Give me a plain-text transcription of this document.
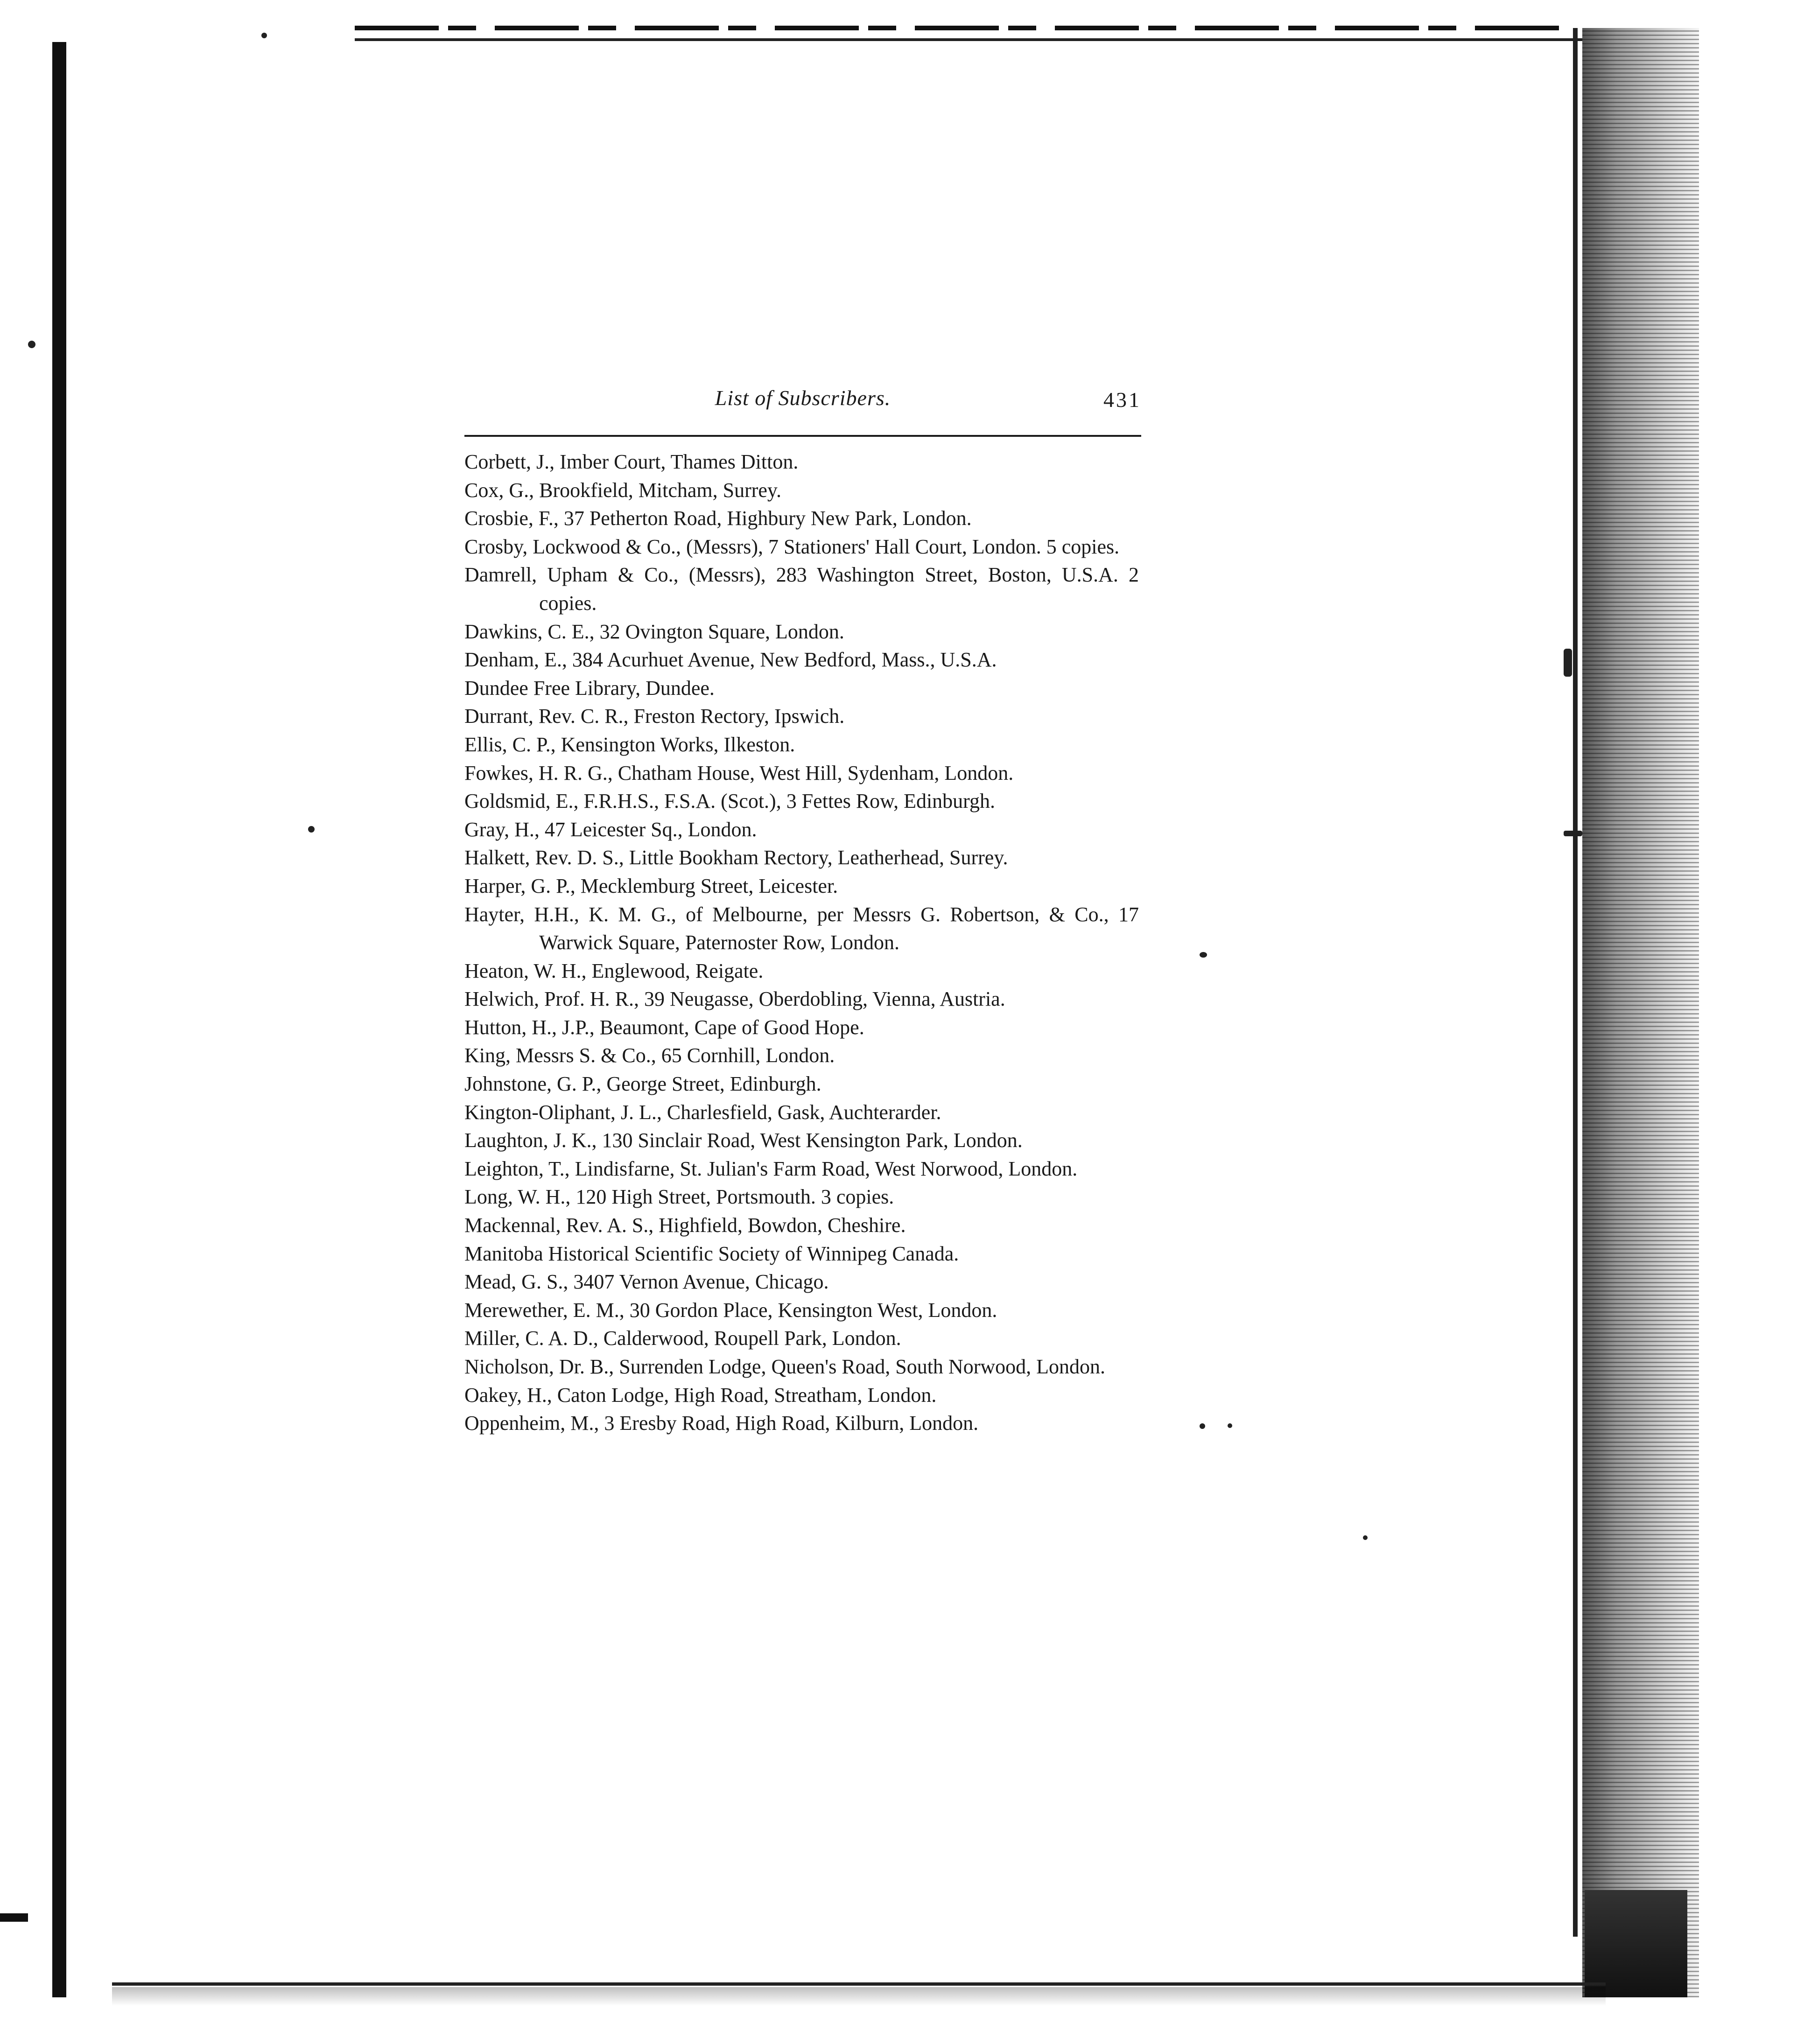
List of Subscribers.	431
Corbett, J., Imber Court, Thames Ditton.
Cox, G., Brookfield, Mitcham, Surrey.
Crosbie, F., 37 Petherton Road, Highbury New Park, London.
Crosby, Lockwood & Co., (Messrs), 7 Stationers' Hall Court, London. 5 copies.
Damrell, Upham & Co., (Messrs), 283 Washington Street, Boston, U.S.A. 2 copies.
Dawkins, C. E., 32 Ovington Square, London.
Denham, E., 384 Acurhuet Avenue, New Bedford, Mass., U.S.A.
Dundee Free Library, Dundee.
Durrant, Rev. C. R., Freston Rectory, Ipswich.
Ellis, C. P., Kensington Works, Ilkeston.
Fowkes, H. R. G., Chatham House, West Hill, Sydenham, London.
Goldsmid, E., F.R.H.S., F.S.A. (Scot.), 3 Fettes Row, Edinburgh.
Gray, H., 47 Leicester Sq., London.
Halkett, Rev. D. S., Little Bookham Rectory, Leatherhead, Surrey.
Harper, G. P., Mecklemburg Street, Leicester.
Hayter, H.H., K. M. G., of Melbourne, per Messrs G. Robertson, & Co., 17 Warwick Square, Paternoster Row, London.
Heaton, W. H., Englewood, Reigate.
Helwich, Prof. H. R., 39 Neugasse, Oberdobling, Vienna, Austria.
Hutton, H., J.P., Beaumont, Cape of Good Hope.
King, Messrs S. & Co., 65 Cornhill, London.
Johnstone, G. P., George Street, Edinburgh.
Kington-Oliphant, J. L., Charlesfield, Gask, Auchterarder.
Laughton, J. K., 130 Sinclair Road, West Kensington Park, London.
Leighton, T., Lindisfarne, St. Julian's Farm Road, West Norwood, London.
Long, W. H., 120 High Street, Portsmouth. 3 copies.
Mackennal, Rev. A. S., Highfield, Bowdon, Cheshire.
Manitoba Historical Scientific Society of Winnipeg Canada.
Mead, G. S., 3407 Vernon Avenue, Chicago.
Merewether, E. M., 30 Gordon Place, Kensington West, London.
Miller, C. A. D., Calderwood, Roupell Park, London.
Nicholson, Dr. B., Surrenden Lodge, Queen's Road, South Norwood, London.
Oakey, H., Caton Lodge, High Road, Streatham, London.
Oppenheim, M., 3 Eresby Road, High Road, Kilburn, London.
